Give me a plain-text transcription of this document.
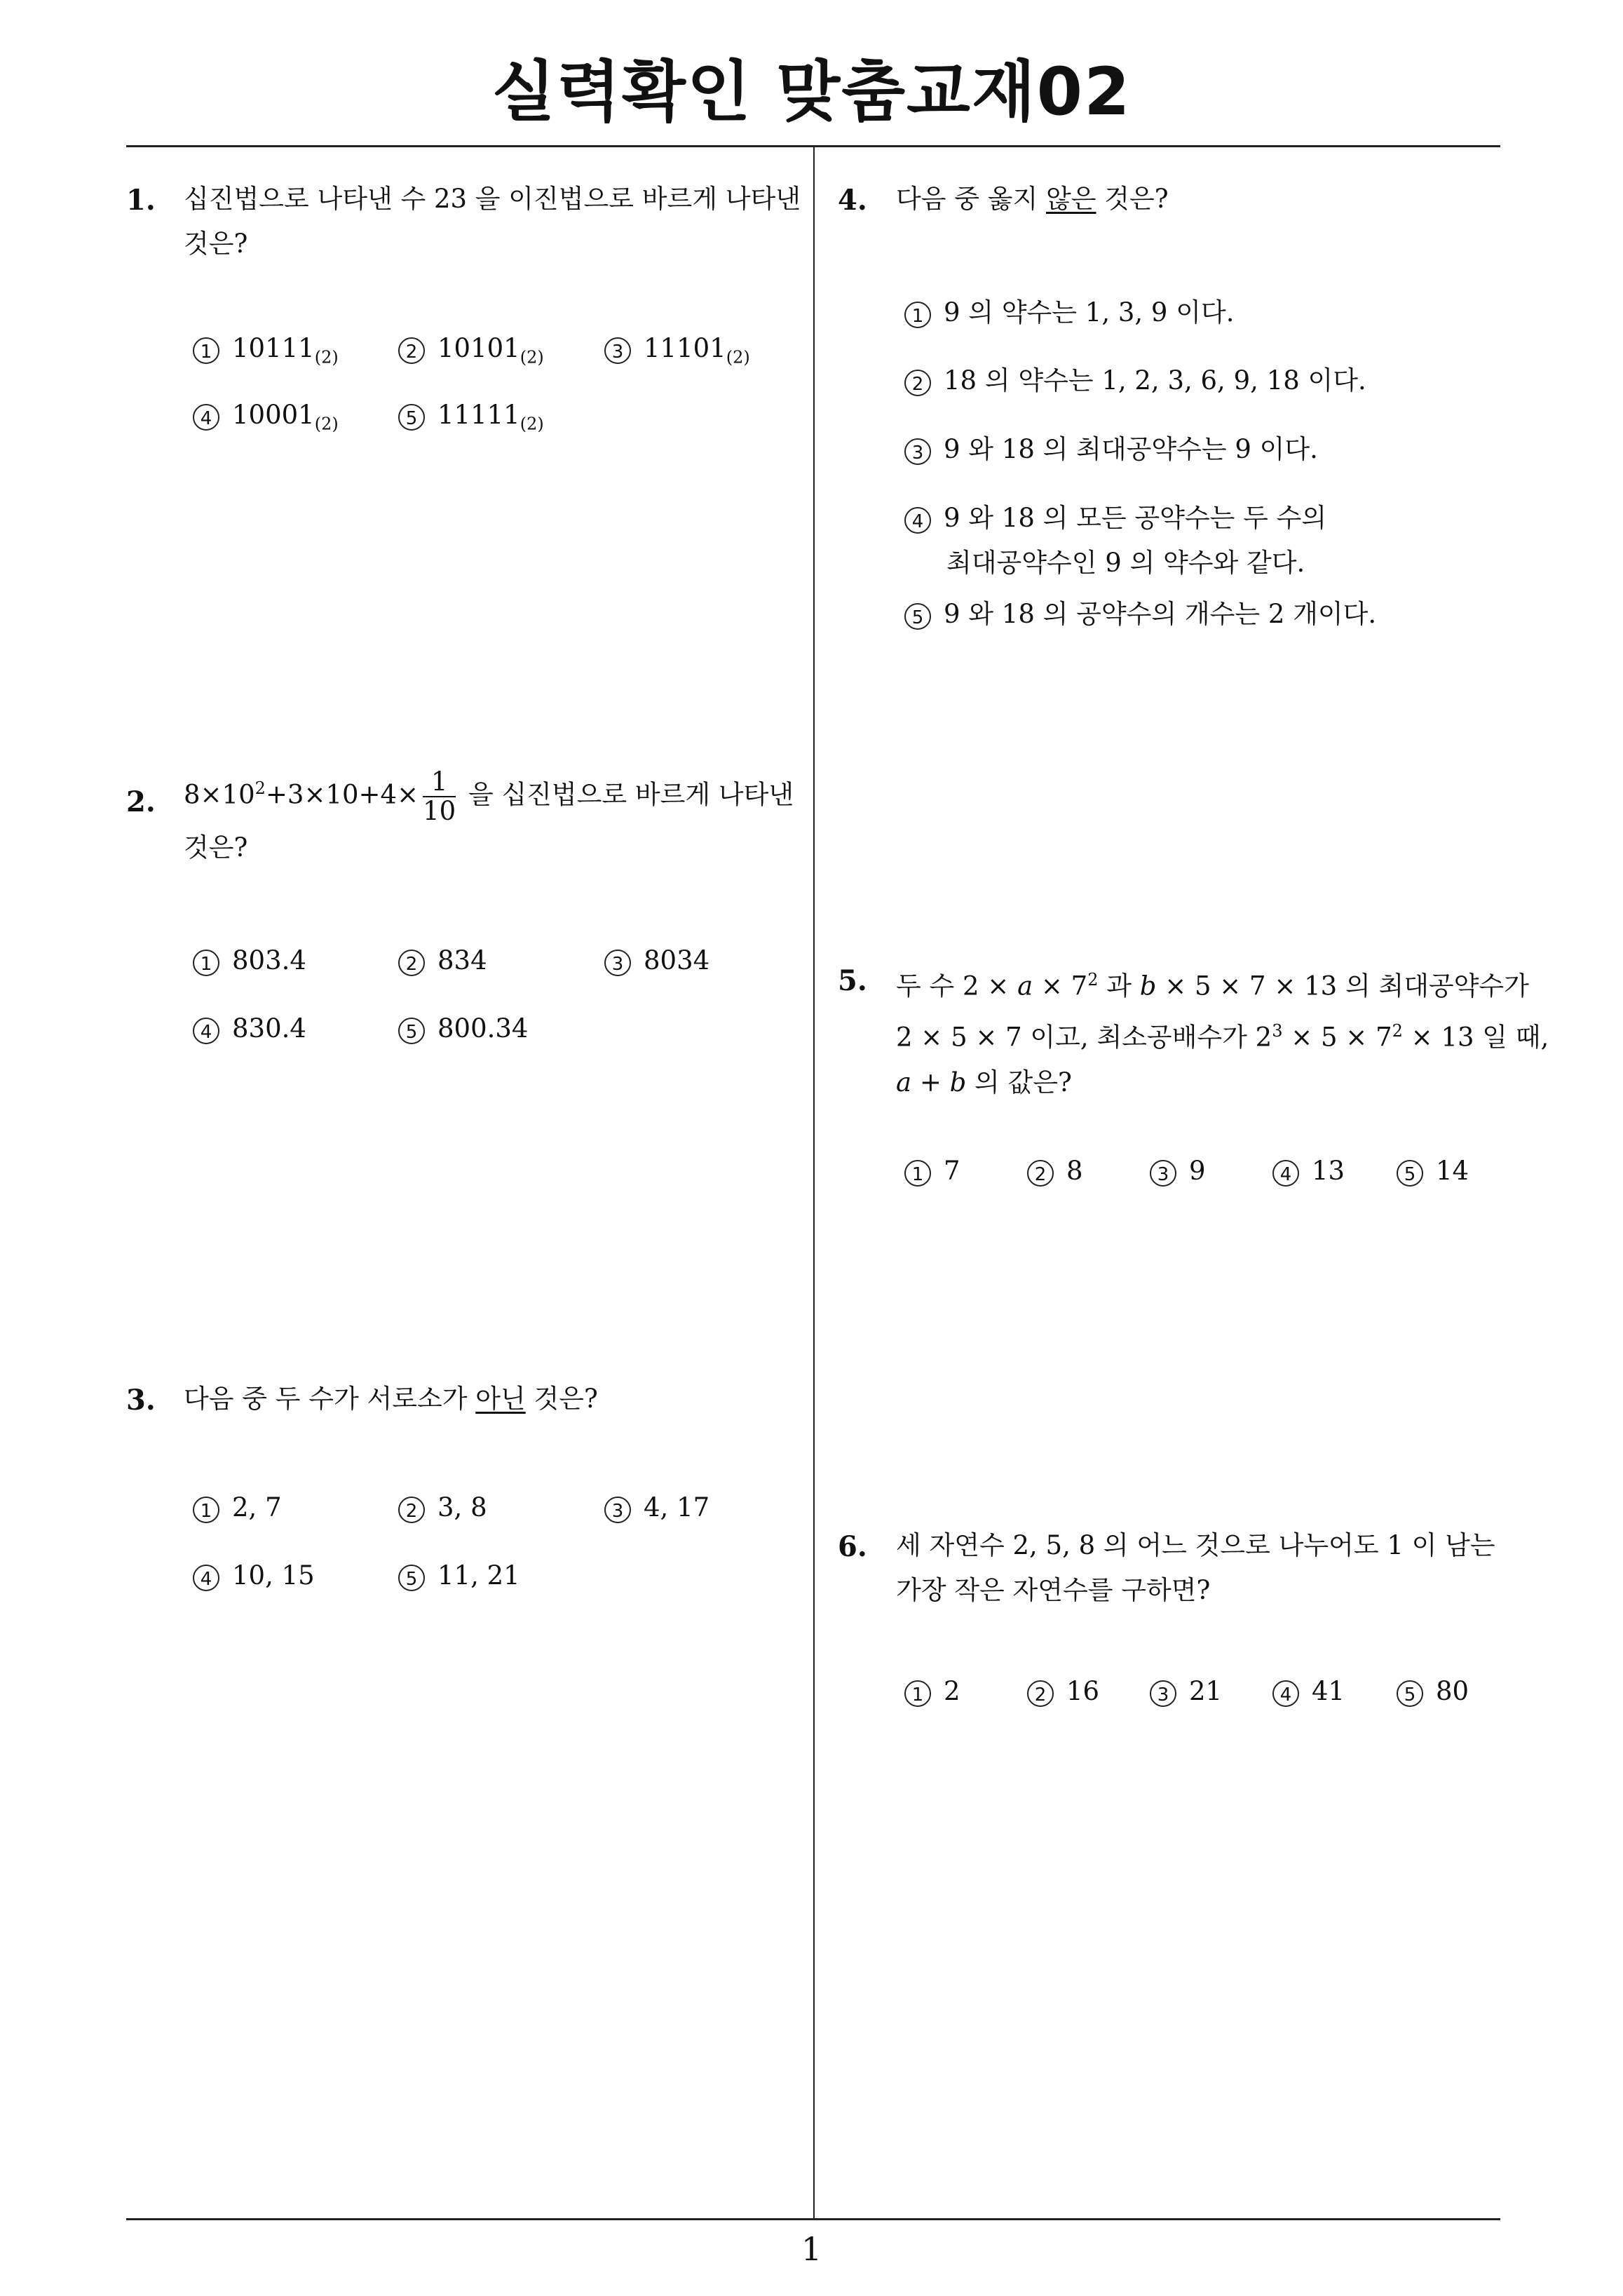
실력확인 맞춤교재02
1
1. 십진법으로 나타낸 수 23 을 이진법으로 바르게 나타낸
것은?
1 $10111_{(2)}$	2 $10101_{(2)}$	3 $11101_{(2)}$
4 $10001_{(2)}$	5 $11111_{(2)}$
2. $8\times 10^2+3\times 10+4\times \frac{1}{10}$ 을 십진법으로 바르게 나타낸
것은?
1 803.4	2 834	3 8034
4 830.4	5 800.34
3. 다음 중 두 수가 서로소가 아닌 것은?
1 2, 7	2 3, 8	3 4, 17
4 10, 15	5 11, 21
4. 다음 중 옳지 않은 것은?
1 9 의 약수는 1, 3, 9 이다.
2 18 의 약수는 1, 2, 3, 6, 9, 18 이다.
3 9 와 18 의 최대공약수는 9 이다.
4 9 와 18 의 모든 공약수는 두 수의
최대공약수인 9 의 약수와 같다.
5 9 와 18 의 공약수의 개수는 2 개이다.
5. 두 수 $2 \times a \times 7^2$ 과 b × 5 × 7 × 13 의 최대공약수가
2 × 5 × 7 이고, 최소공배수가 $2^3 \times 5 \times 7^2 \times 13$ 일 때,
a + b 의 값은?
1 7	2 8	3 9	4 13	5 14
6. 세 자연수 2, 5, 8 의 어느 것으로 나누어도 1 이 남는
가장 작은 자연수를 구하면?
1 2	2 16	3 21	4 41	5 80
